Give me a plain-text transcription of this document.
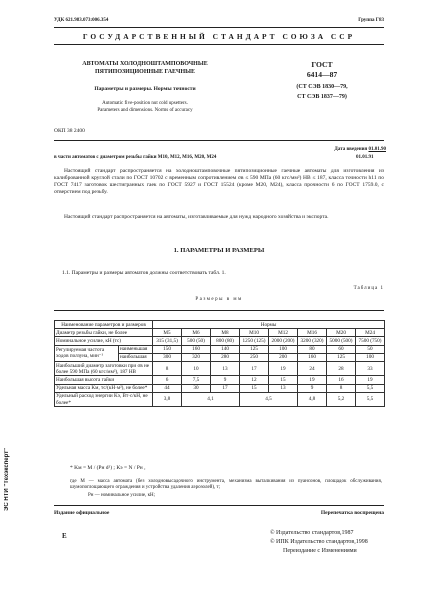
УДК 621.983.073:006.354	Группа Г83
ГОСУДАРСТВЕННЫЙ СТАНДАРТ СОЮЗА ССР
АВТОМАТЫ ХОЛОДНОШТАМПОВОЧНЫЕ
ПЯТИПОЗИЦИОННЫЕ ГАЕЧНЫЕ
Параметры и размеры. Нормы точности
Automatic five-position nut cold upsetters.
Parameters and dimensions. Norms of accuracy
ГОСТ
6414—87
(СТ СЭВ 1830—79,
СТ СЭВ 1837—79)
ОКП 38 2400
Дата введения 01.01.90
в части автоматов с диаметром резьбы гайки М10, М12, М16, М20, М24	01.01.91
Настоящий стандарт распространяется на холодноштамповочные пятипозиционные гаечные автоматы для изготовления из калиброванной круглой стали по ГОСТ 10702 с временным сопротивлением σв ≤ 590 МПа (60 кгс/мм²) НВ ≤ 187, класса точности h11 по ГОСТ 7417 заготовок шестигранных гаек по ГОСТ 5927 и ГОСТ 15524 (кроме М20, М24), класса прочности 6 по ГОСТ 1759.0, с отверстием под резьбу.
Настоящий стандарт распространяется на автоматы, изготавливаемые для нужд народного хозяйства и экспорта.
1. ПАРАМЕТРЫ И РАЗМЕРЫ
1.1. Параметры и размеры автоматов должны соответствовать табл. 1.
Таблица 1
Размеры в мм
Наименование параметров и размеров		Нормы							
Диаметр резьбы гайки, не более		М5	М6	М8	М10	М12	М16	М20	М24
Номинальное усилие, кН (тс)		315 (31,5)	500 (50)	800 (80)	1250 (125)	2000 (200)	3200 (320)	5000 (500)	7500 (750)
Регулируемая частота ходов ползуна, мин⁻¹	наименьшая	150	160	140	125	100	80	60	50
	наибольшая	300	320	280	250	200	160	125	100
Наибольший диаметр заготовки при σв не более 590 МПа (60 кгс/мм²), 187 НВ		8	10	13	17	19	24	28	33
Наибольшая высота гайки		6	7,5	9	12	15	19	16	19
Удельная масса Kм, тс/(кН·м²), не более*		44	30	17	15	13	9	8	5,5
Удельный расход энергии Kэ, Вт·с/кН, не более*		3,8	4,1		4,5		4,8	5,2	5,5
* Kм = M / (Pн d²) ; Kэ = N / Pн ,
где M — масса автомата (без холодновысадочного инструмента, механизма выталкивания из пуансонов, площадок обслуживания, шумопоглощающего ограждения и устройства удаления аэрозолей), т;
Pн — номинальное усилие, кН;
Издание официальное	Перепечатка воспрещена
Е	© Издательство стандартов,1987
© ИПК Издательство стандартов,1998
Переиздание с Изменениями
ЭС НТИ "Техэксперт"
